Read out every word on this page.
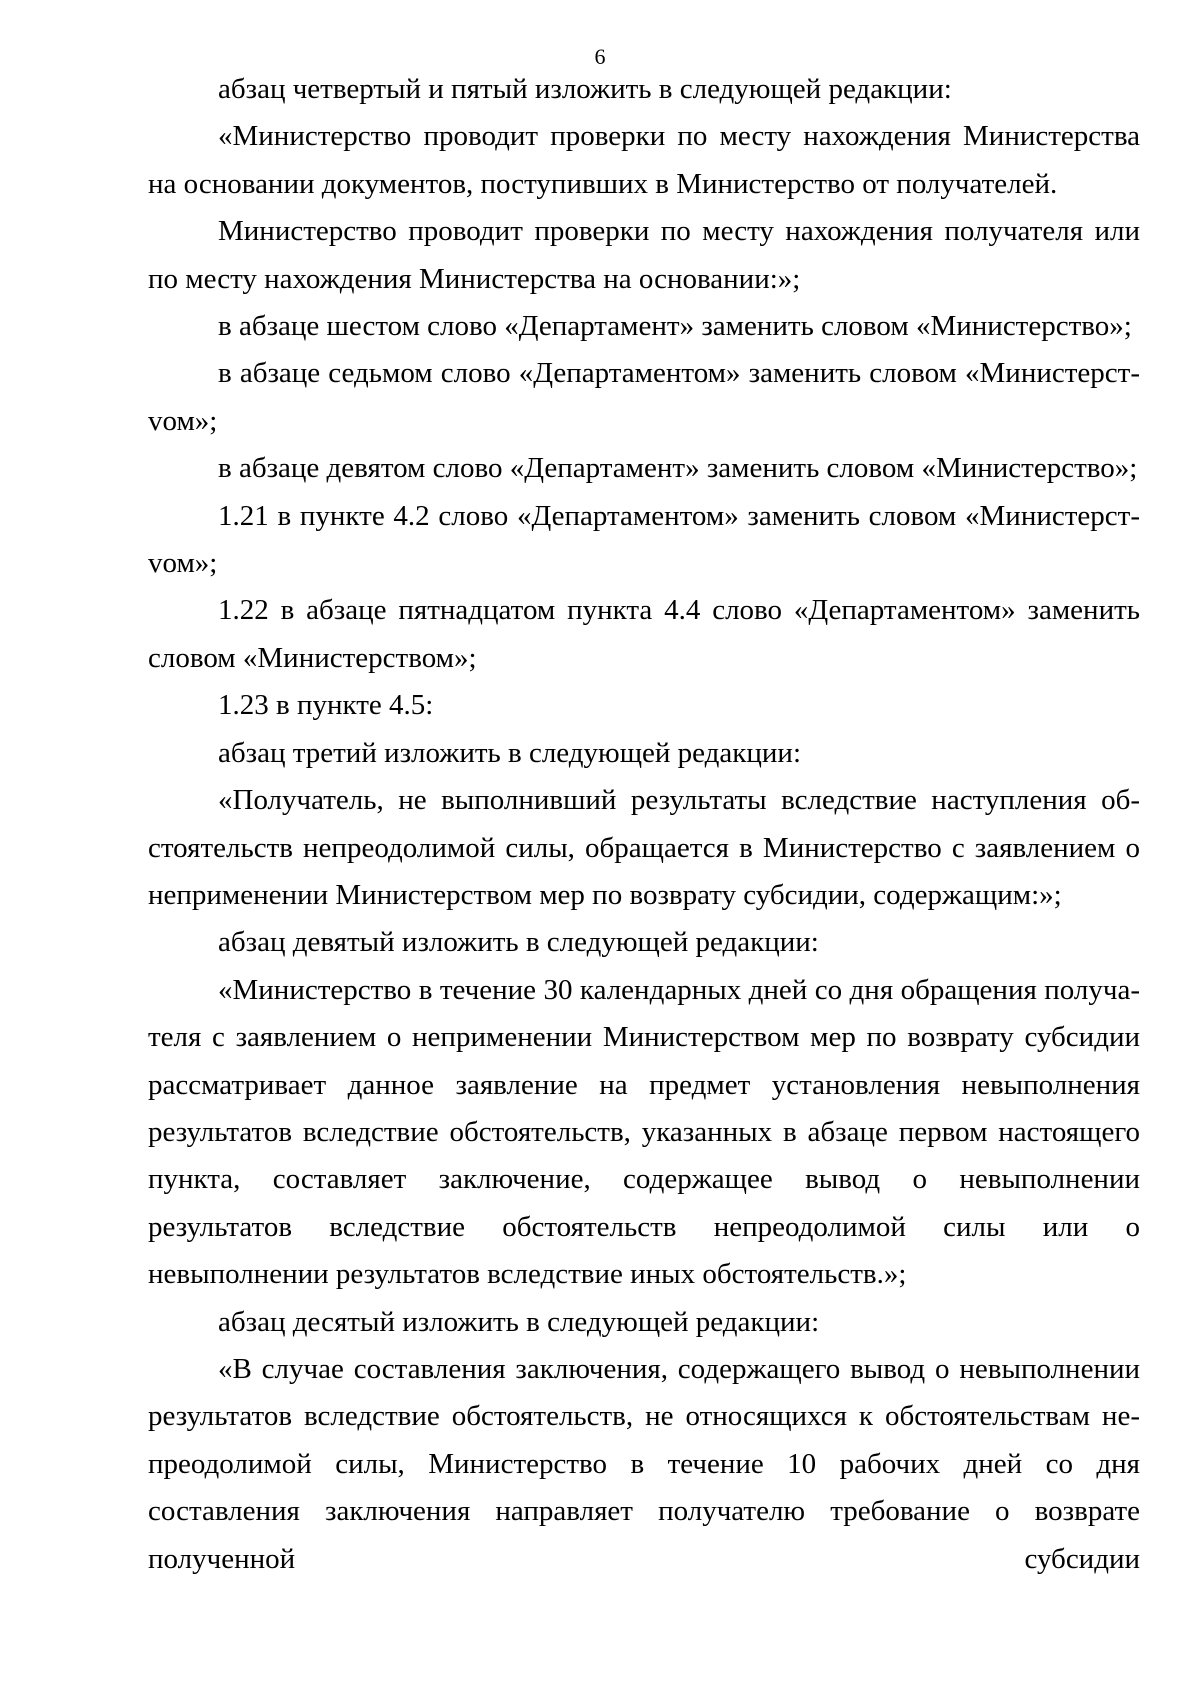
6

абзац четвертый и пятый изложить в следующей редакции:

«Министерство проводит проверки по месту нахождения Министерства на основании документов, поступивших в Министерство от получателей.

Министерство проводит проверки по месту нахождения получателя или по месту нахождения Министерства на основании:»;

в абзаце шестом слово «Департамент» заменить словом «Министерство»;

в абзаце седьмом слово «Департаментом» заменить словом «Министерстvом»;

в абзаце девятом слово «Департамент» заменить словом «Министерство»;

1.21 в пункте 4.2 слово «Департаментом» заменить словом «Министерстvом»;

1.22 в абзаце пятнадцатом пункта 4.4 слово «Департаментом» заменить словом «Министерством»;

1.23 в пункте 4.5:

абзац третий изложить в следующей редакции:

«Получатель, не выполнивший результаты вследствие наступления обстоятельств непреодолимой силы, обращается в Министерство с заявлением о неприменении Министерством мер по возврату субсидии, содержащим:»;

абзац девятый изложить в следующей редакции:

«Министерство в течение 30 календарных дней со дня обращения получателя с заявлением о неприменении Министерством мер по возврату субсидии рассматривает данное заявление на предмет установления невыполнения результатов вследствие обстоятельств, указанных в абзаце первом настоящего пункта, составляет заключение, содержащее вывод о невыполнении результатов вследствие обстоятельств непреодолимой силы или о невыполнении результатов вследствие иных обстоятельств.»;

абзац десятый изложить в следующей редакции:

«В случае составления заключения, содержащего вывод о невыполнении результатов вследствие обстоятельств, не относящихся к обстоятельствам непреодолимой силы, Министерство в течение 10 рабочих дней со дня составления заключения направляет получателю требование о возврате полученной субсидии
